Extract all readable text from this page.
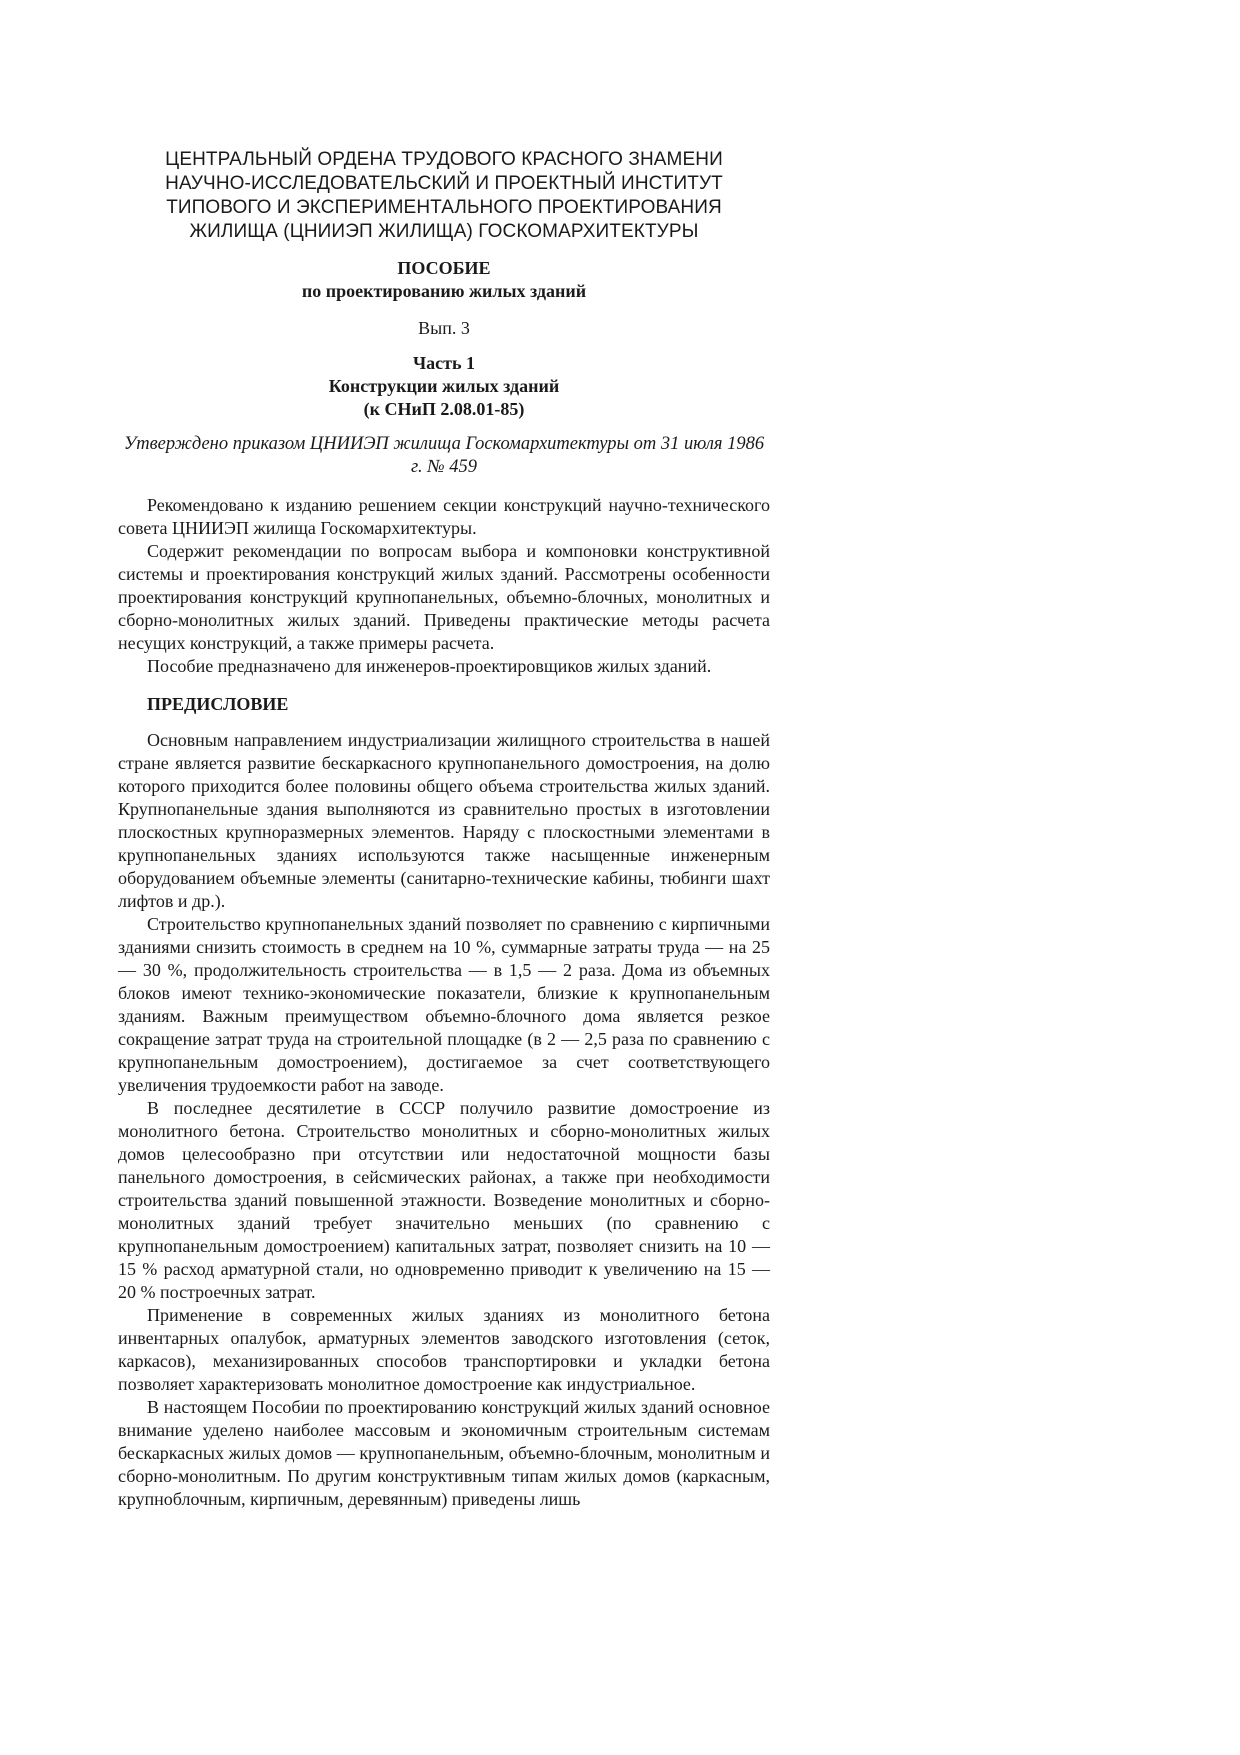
ЦЕНТРАЛЬНЫЙ ОРДЕНА ТРУДОВОГО КРАСНОГО ЗНАМЕНИ
НАУЧНО-ИССЛЕДОВАТЕЛЬСКИЙ И ПРОЕКТНЫЙ ИНСТИТУТ
ТИПОВОГО И ЭКСПЕРИМЕНТАЛЬНОГО ПРОЕКТИРОВАНИЯ
ЖИЛИЩА (ЦНИИЭП ЖИЛИЩА) ГОСКОМАРХИТЕКТУРЫ
ПОСОБИЕ
по проектированию жилых зданий
Вып. 3
Часть 1
Конструкции жилых зданий
(к СНиП 2.08.01-85)
Утверждено приказом ЦНИИЭП жилища Госкомархитектуры от 31 июля 1986 г. № 459

Рекомендовано к изданию решением секции конструкций научно-технического совета ЦНИИЭП жилища Госкомархитектуры.

Содержит рекомендации по вопросам выбора и компоновки конструктивной системы и проектирования конструкций жилых зданий. Рассмотрены особенности проектирования конструкций крупнопанельных, объемно-блочных, монолитных и сборно-монолитных жилых зданий. Приведены практические методы расчета несущих конструкций, а также примеры расчета.

Пособие предназначено для инженеров-проектировщиков жилых зданий.

ПРЕДИСЛОВИЕ

Основным направлением индустриализации жилищного строительства в нашей стране является развитие бескаркасного крупнопанельного домостроения, на долю которого приходится более половины общего объема строительства жилых зданий. Крупнопанельные здания выполняются из сравнительно простых в изготовлении плоскостных крупноразмерных элементов. Наряду с плоскостными элементами в крупнопанельных зданиях используются также насыщенные инженерным оборудованием объемные элементы (санитарно-технические кабины, тюбинги шахт лифтов и др.).

Строительство крупнопанельных зданий позволяет по сравнению с кирпичными зданиями снизить стоимость в среднем на 10 %, суммарные затраты труда — на 25 — 30 %, продолжительность строительства — в 1,5 — 2 раза. Дома из объемных блоков имеют технико-экономические показатели, близкие к крупнопанельным зданиям. Важным преимуществом объемно-блочного дома является резкое сокращение затрат труда на строительной площадке (в 2 — 2,5 раза по сравнению с крупнопанельным домостроением), достигаемое за счет соответствующего увеличения трудоемкости работ на заводе.

В последнее десятилетие в СССР получило развитие домостроение из монолитного бетона. Строительство монолитных и сборно-монолитных жилых домов целесообразно при отсутствии или недостаточной мощности базы панельного домостроения, в сейсмических районах, а также при необходимости строительства зданий повышенной этажности. Возведение монолитных и сборно-монолитных зданий требует значительно меньших (по сравнению с крупнопанельным домостроением) капитальных затрат, позволяет снизить на 10 — 15 % расход арматурной стали, но одновременно приводит к увеличению на 15 — 20 % построечных затрат.

Применение в современных жилых зданиях из монолитного бетона инвентарных опалубок, арматурных элементов заводского изготовления (сеток, каркасов), механизированных способов транспортировки и укладки бетона позволяет характеризовать монолитное домостроение как индустриальное.

В настоящем Пособии по проектированию конструкций жилых зданий основное внимание уделено наиболее массовым и экономичным строительным системам бескаркасных жилых домов — крупнопанельным, объемно-блочным, монолитным и сборно-монолитным. По другим конструктивным типам жилых домов (каркасным, крупноблочным, кирпичным, деревянным) приведены лишь
